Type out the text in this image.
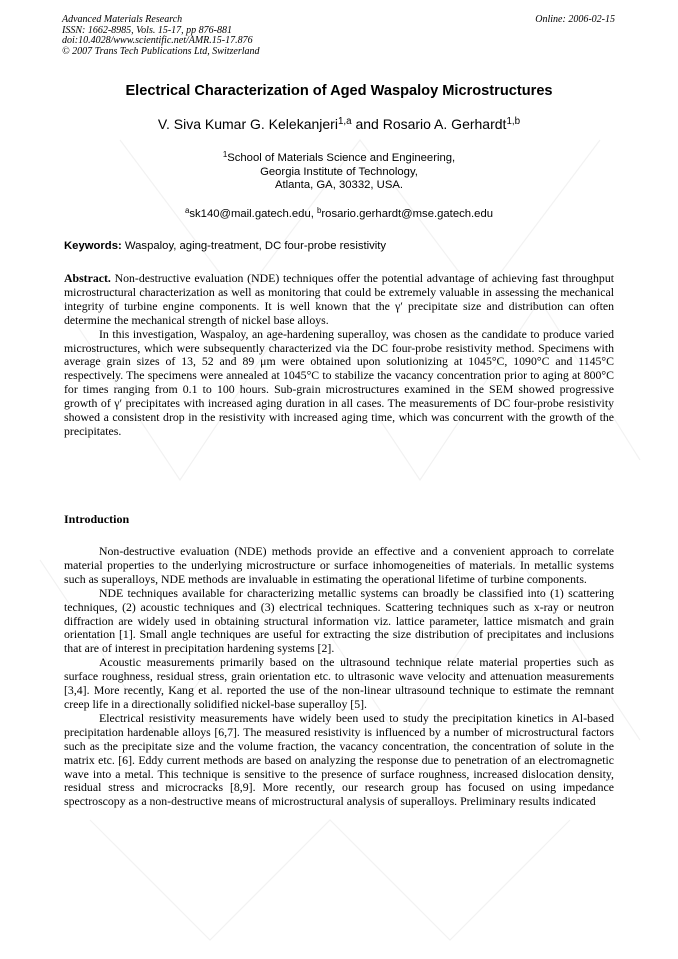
Advanced Materials Research
ISSN: 1662-8985, Vols. 15-17, pp 876-881
doi:10.4028/www.scientific.net/AMR.15-17.876
© 2007 Trans Tech Publications Ltd, Switzerland
Online: 2006-02-15
Electrical Characterization of Aged Waspaloy Microstructures
V. Siva Kumar G. Kelekanjeri$^{1,a}$ and Rosario A. Gerhardt$^{1,b}$
$^1$School of Materials Science and Engineering,
Georgia Institute of Technology,
Atlanta, GA, 30332, USA.
$^a$sk140@mail.gatech.edu, $^b$rosario.gerhardt@mse.gatech.edu
Keywords: Waspaloy, aging-treatment, DC four-probe resistivity

Abstract. Non-destructive evaluation (NDE) techniques offer the potential advantage of achieving fast throughput microstructural characterization as well as monitoring that could be extremely valuable in assessing the mechanical integrity of turbine engine components. It is well known that the γ′ precipitate size and distribution can often determine the mechanical strength of nickel base alloys.

In this investigation, Waspaloy, an age-hardening superalloy, was chosen as the candidate to produce varied microstructures, which were subsequently characterized via the DC four-probe resistivity method. Specimens with average grain sizes of 13, 52 and 89 μm were obtained upon solutionizing at 1045°C, 1090°C and 1145°C respectively. The specimens were annealed at 1045°C to stabilize the vacancy concentration prior to aging at 800°C for times ranging from 0.1 to 100 hours. Sub-grain microstructures examined in the SEM showed progressive growth of γ′ precipitates with increased aging duration in all cases. The measurements of DC four-probe resistivity showed a consistent drop in the resistivity with increased aging time, which was concurrent with the growth of the precipitates.

Introduction

Non-destructive evaluation (NDE) methods provide an effective and a convenient approach to correlate material properties to the underlying microstructure or surface inhomogeneities of materials. In metallic systems such as superalloys, NDE methods are invaluable in estimating the operational lifetime of turbine components.

NDE techniques available for characterizing metallic systems can broadly be classified into (1) scattering techniques, (2) acoustic techniques and (3) electrical techniques. Scattering techniques such as x-ray or neutron diffraction are widely used in obtaining structural information viz. lattice parameter, lattice mismatch and grain orientation [1]. Small angle techniques are useful for extracting the size distribution of precipitates and inclusions that are of interest in precipitation hardening systems [2].

Acoustic measurements primarily based on the ultrasound technique relate material properties such as surface roughness, residual stress, grain orientation etc. to ultrasonic wave velocity and attenuation measurements [3,4]. More recently, Kang et al. reported the use of the non-linear ultrasound technique to estimate the remnant creep life in a directionally solidified nickel-base superalloy [5].

Electrical resistivity measurements have widely been used to study the precipitation kinetics in Al-based precipitation hardenable alloys [6,7]. The measured resistivity is influenced by a number of microstructural factors such as the precipitate size and the volume fraction, the vacancy concentration, the concentration of solute in the matrix etc. [6]. Eddy current methods are based on analyzing the response due to penetration of an electromagnetic wave into a metal. This technique is sensitive to the presence of surface roughness, increased dislocation density, residual stress and microcracks [8,9]. More recently, our research group has focused on using impedance spectroscopy as a non-destructive means of microstructural analysis of superalloys. Preliminary results indicated
